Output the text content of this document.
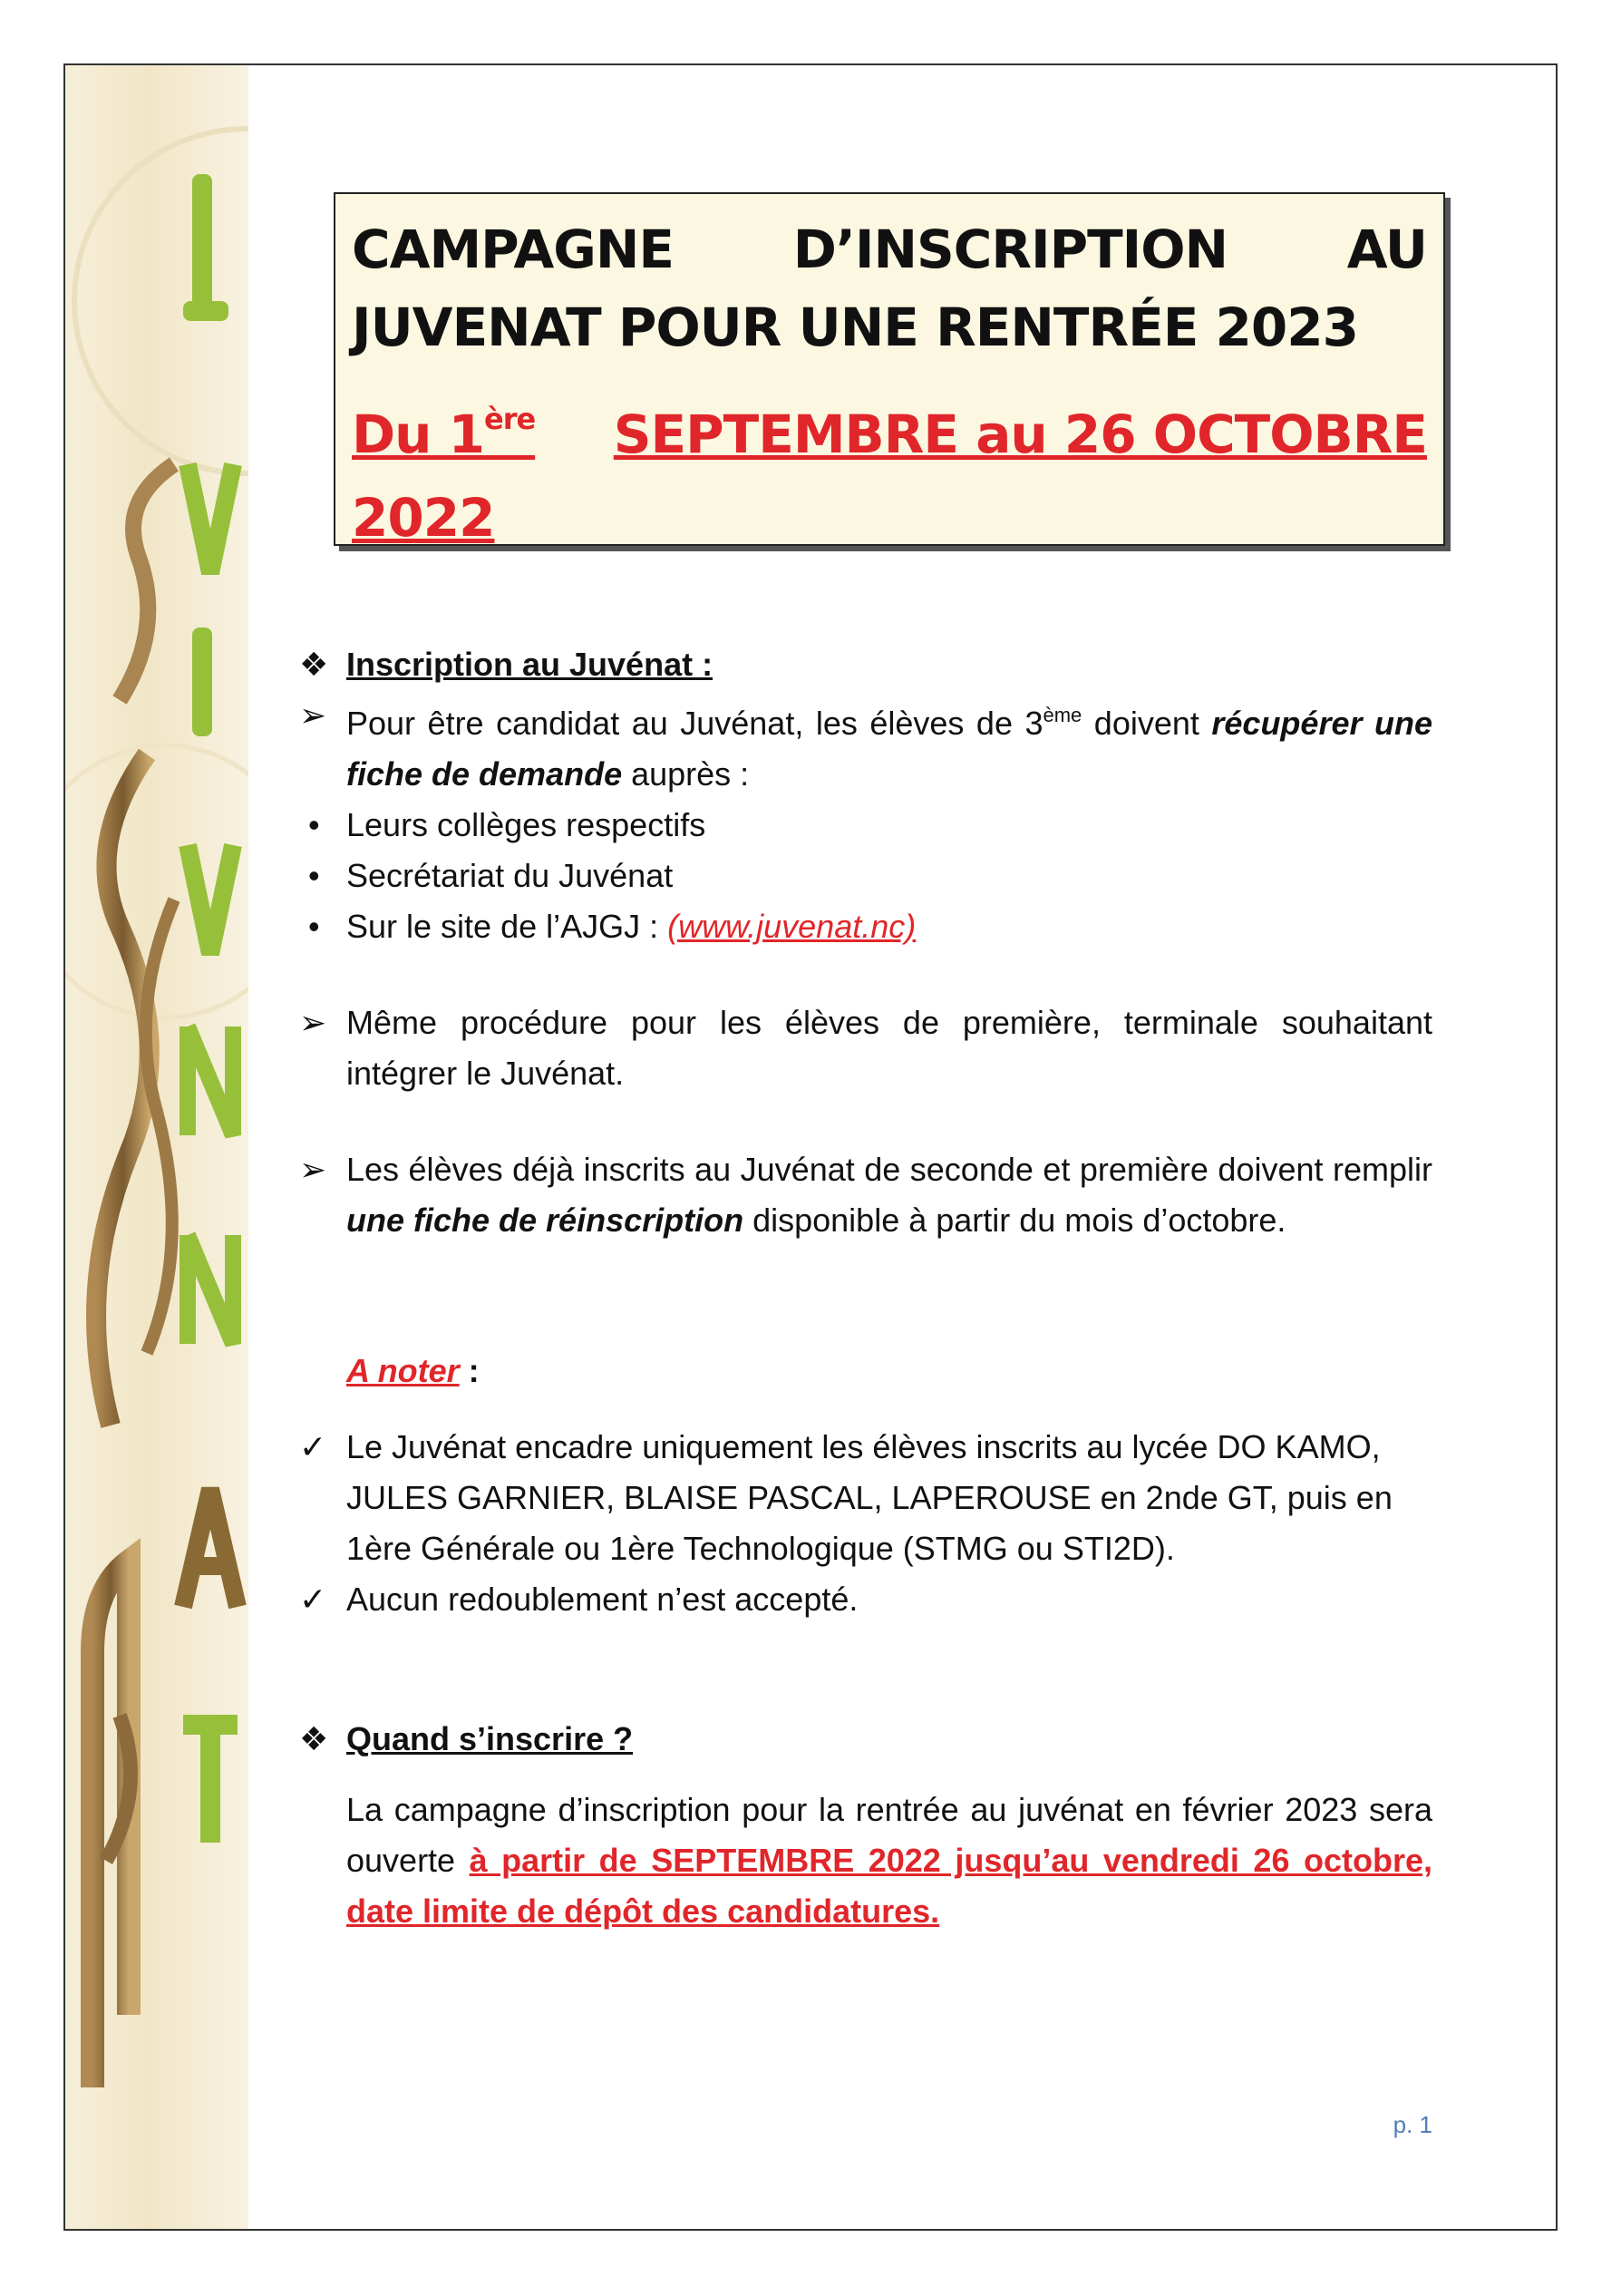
CAMPAGNE D’INSCRIPTION AU
JUVENAT POUR UNE RENTRÉE 2023
Du 1ère SEPTEMBRE au 26 OCTOBRE
2022
❖ Inscription au Juvénat :
➢ Pour être candidat au Juvénat, les élèves de 3ème doivent récupérer une fiche de demande auprès :
• Leurs collèges respectifs
• Secrétariat du Juvénat
• Sur le site de l’AJGJ : (www.juvenat.nc)
➢ Même procédure pour les élèves de première, terminale souhaitant intégrer le Juvénat.
➢ Les élèves déjà inscrits au Juvénat de seconde et première doivent remplir une fiche de réinscription disponible à partir du mois d’octobre.
A noter :
✓ Le Juvénat encadre uniquement les élèves inscrits au lycée DO KAMO, JULES GARNIER, BLAISE PASCAL, LAPEROUSE en 2nde GT, puis en 1ère Générale ou 1ère Technologique (STMG ou STI2D).
✓ Aucun redoublement n’est accepté.
❖ Quand s’inscrire ?
La campagne d’inscription pour la rentrée au juvénat en février 2023 sera ouverte à partir de SEPTEMBRE 2022 jusqu’au vendredi 26 octobre, date limite de dépôt des candidatures.
p. 1
